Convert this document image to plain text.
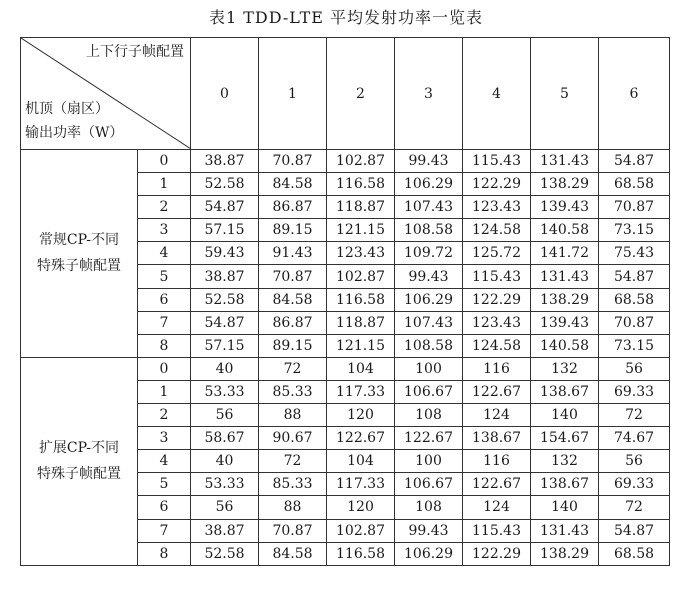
表1 TDD-LTE 平均发射功率一览表
上下行子帧配置
机顶（扇区）
输出功率（W）		0	1	2	3	4	5	6

常规CP-不同
特殊子帧配置	0	38.87	70.87	102.87	99.43	115.43	131.43	54.87
	1	52.58	84.58	116.58	106.29	122.29	138.29	68.58
	2	54.87	86.87	118.87	107.43	123.43	139.43	70.87
	3	57.15	89.15	121.15	108.58	124.58	140.58	73.15
	4	59.43	91.43	123.43	109.72	125.72	141.72	75.43
	5	38.87	70.87	102.87	99.43	115.43	131.43	54.87
	6	52.58	84.58	116.58	106.29	122.29	138.29	68.58
	7	54.87	86.87	118.87	107.43	123.43	139.43	70.87
	8	57.15	89.15	121.15	108.58	124.58	140.58	73.15

扩展CP-不同
特殊子帧配置	0	40	72	104	100	116	132	56
	1	53.33	85.33	117.33	106.67	122.67	138.67	69.33
	2	56	88	120	108	124	140	72
	3	58.67	90.67	122.67	122.67	138.67	154.67	74.67
	4	40	72	104	100	116	132	56
	5	53.33	85.33	117.33	106.67	122.67	138.67	69.33
	6	56	88	120	108	124	140	72
	7	38.87	70.87	102.87	99.43	115.43	131.43	54.87
	8	52.58	84.58	116.58	106.29	122.29	138.29	68.58
